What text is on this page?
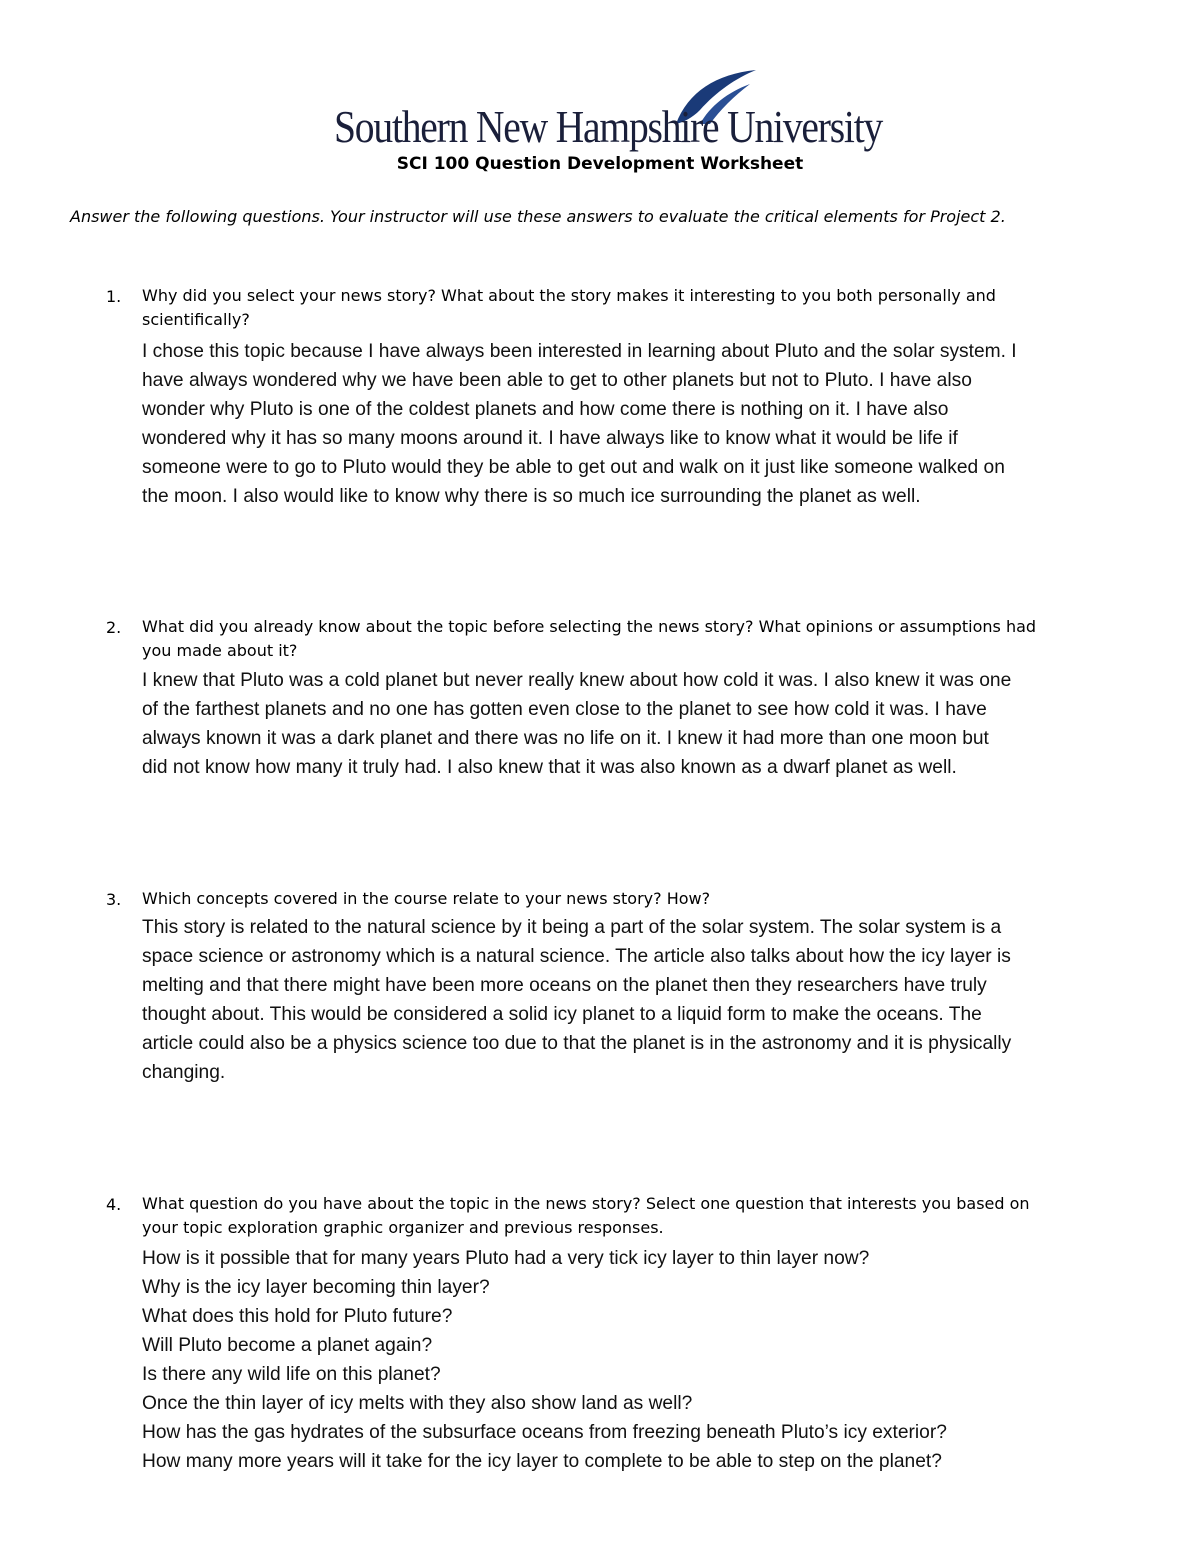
Southern New Hampshire University
SCI 100 Question Development Worksheet
Answer the following questions. Your instructor will use these answers to evaluate the critical elements for Project 2.
1. Why did you select your news story? What about the story makes it interesting to you both personally and
scientifically?
I chose this topic because I have always been interested in learning about Pluto and the solar system. I
have always wondered why we have been able to get to other planets but not to Pluto. I have also
wonder why Pluto is one of the coldest planets and how come there is nothing on it. I have also
wondered why it has so many moons around it. I have always like to know what it would be life if
someone were to go to Pluto would they be able to get out and walk on it just like someone walked on
the moon. I also would like to know why there is so much ice surrounding the planet as well.
2. What did you already know about the topic before selecting the news story? What opinions or assumptions had
you made about it?
I knew that Pluto was a cold planet but never really knew about how cold it was. I also knew it was one
of the farthest planets and no one has gotten even close to the planet to see how cold it was. I have
always known it was a dark planet and there was no life on it. I knew it had more than one moon but
did not know how many it truly had. I also knew that it was also known as a dwarf planet as well.
3. Which concepts covered in the course relate to your news story? How?
This story is related to the natural science by it being a part of the solar system. The solar system is a
space science or astronomy which is a natural science. The article also talks about how the icy layer is
melting and that there might have been more oceans on the planet then they researchers have truly
thought about. This would be considered a solid icy planet to a liquid form to make the oceans. The
article could also be a physics science too due to that the planet is in the astronomy and it is physically
changing.
4. What question do you have about the topic in the news story? Select one question that interests you based on
your topic exploration graphic organizer and previous responses.
How is it possible that for many years Pluto had a very tick icy layer to thin layer now?
Why is the icy layer becoming thin layer?
What does this hold for Pluto future?
Will Pluto become a planet again?
Is there any wild life on this planet?
Once the thin layer of icy melts with they also show land as well?
How has the gas hydrates of the subsurface oceans from freezing beneath Pluto’s icy exterior?
How many more years will it take for the icy layer to complete to be able to step on the planet?
